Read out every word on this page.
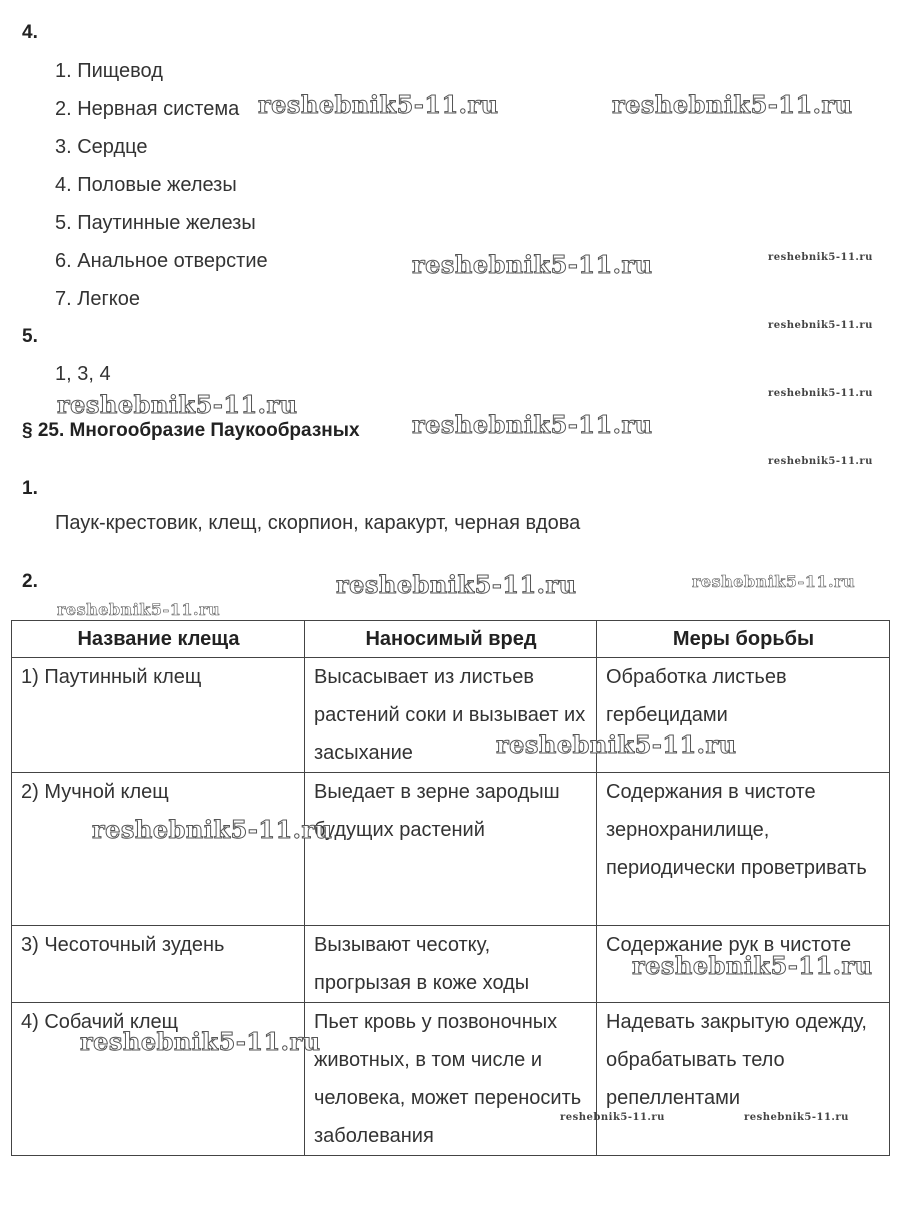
4.
1. Пищевод
2. Нервная система
3. Сердце
4. Половые железы
5. Паутинные железы
6. Анальное отверстие
7. Легкое
5.
1, 3, 4
§ 25. Многообразие Паукообразных
1.
Паук-крестовик, клещ, скорпион, каракурт, черная вдова
2.
Название клеща	Наносимый вред	Меры борьбы
1) Паутинный клещ	Высасывает из листьев растений соки и вызывает их засыхание	Обработка листьев гербецидами
2) Мучной клещ	Выедает в зерне зародыш будущих растений	Содержания в чистоте зернохранилище, периодически проветривать
3) Чесоточный зудень	Вызывают чесотку, прогрызая в коже ходы	Содержание рук в чистоте
4) Собачий клещ	Пьет кровь у позвоночных животных, в том числе и человека, может переносить заболевания	Надевать закрытую одежду, обрабатывать тело репеллентами
reshebnik5-11.ru	reshebnik5-11.ru
reshebnik5-11.ru	reshebnik5-11.ru
reshebnik5-11.ru
reshebnik5-11.ru
reshebnik5-11.ru
reshebnik5-11.ru
reshebnik5-11.ru
reshebnik5-11.ru	reshebnik5-11.ru
reshebnik5-11.ru
reshebnik5-11.ru
reshebnik5-11.ru
reshebnik5-11.ru
reshebnik5-11.ru
reshebnik5-11.ru	reshebnik5-11.ru
